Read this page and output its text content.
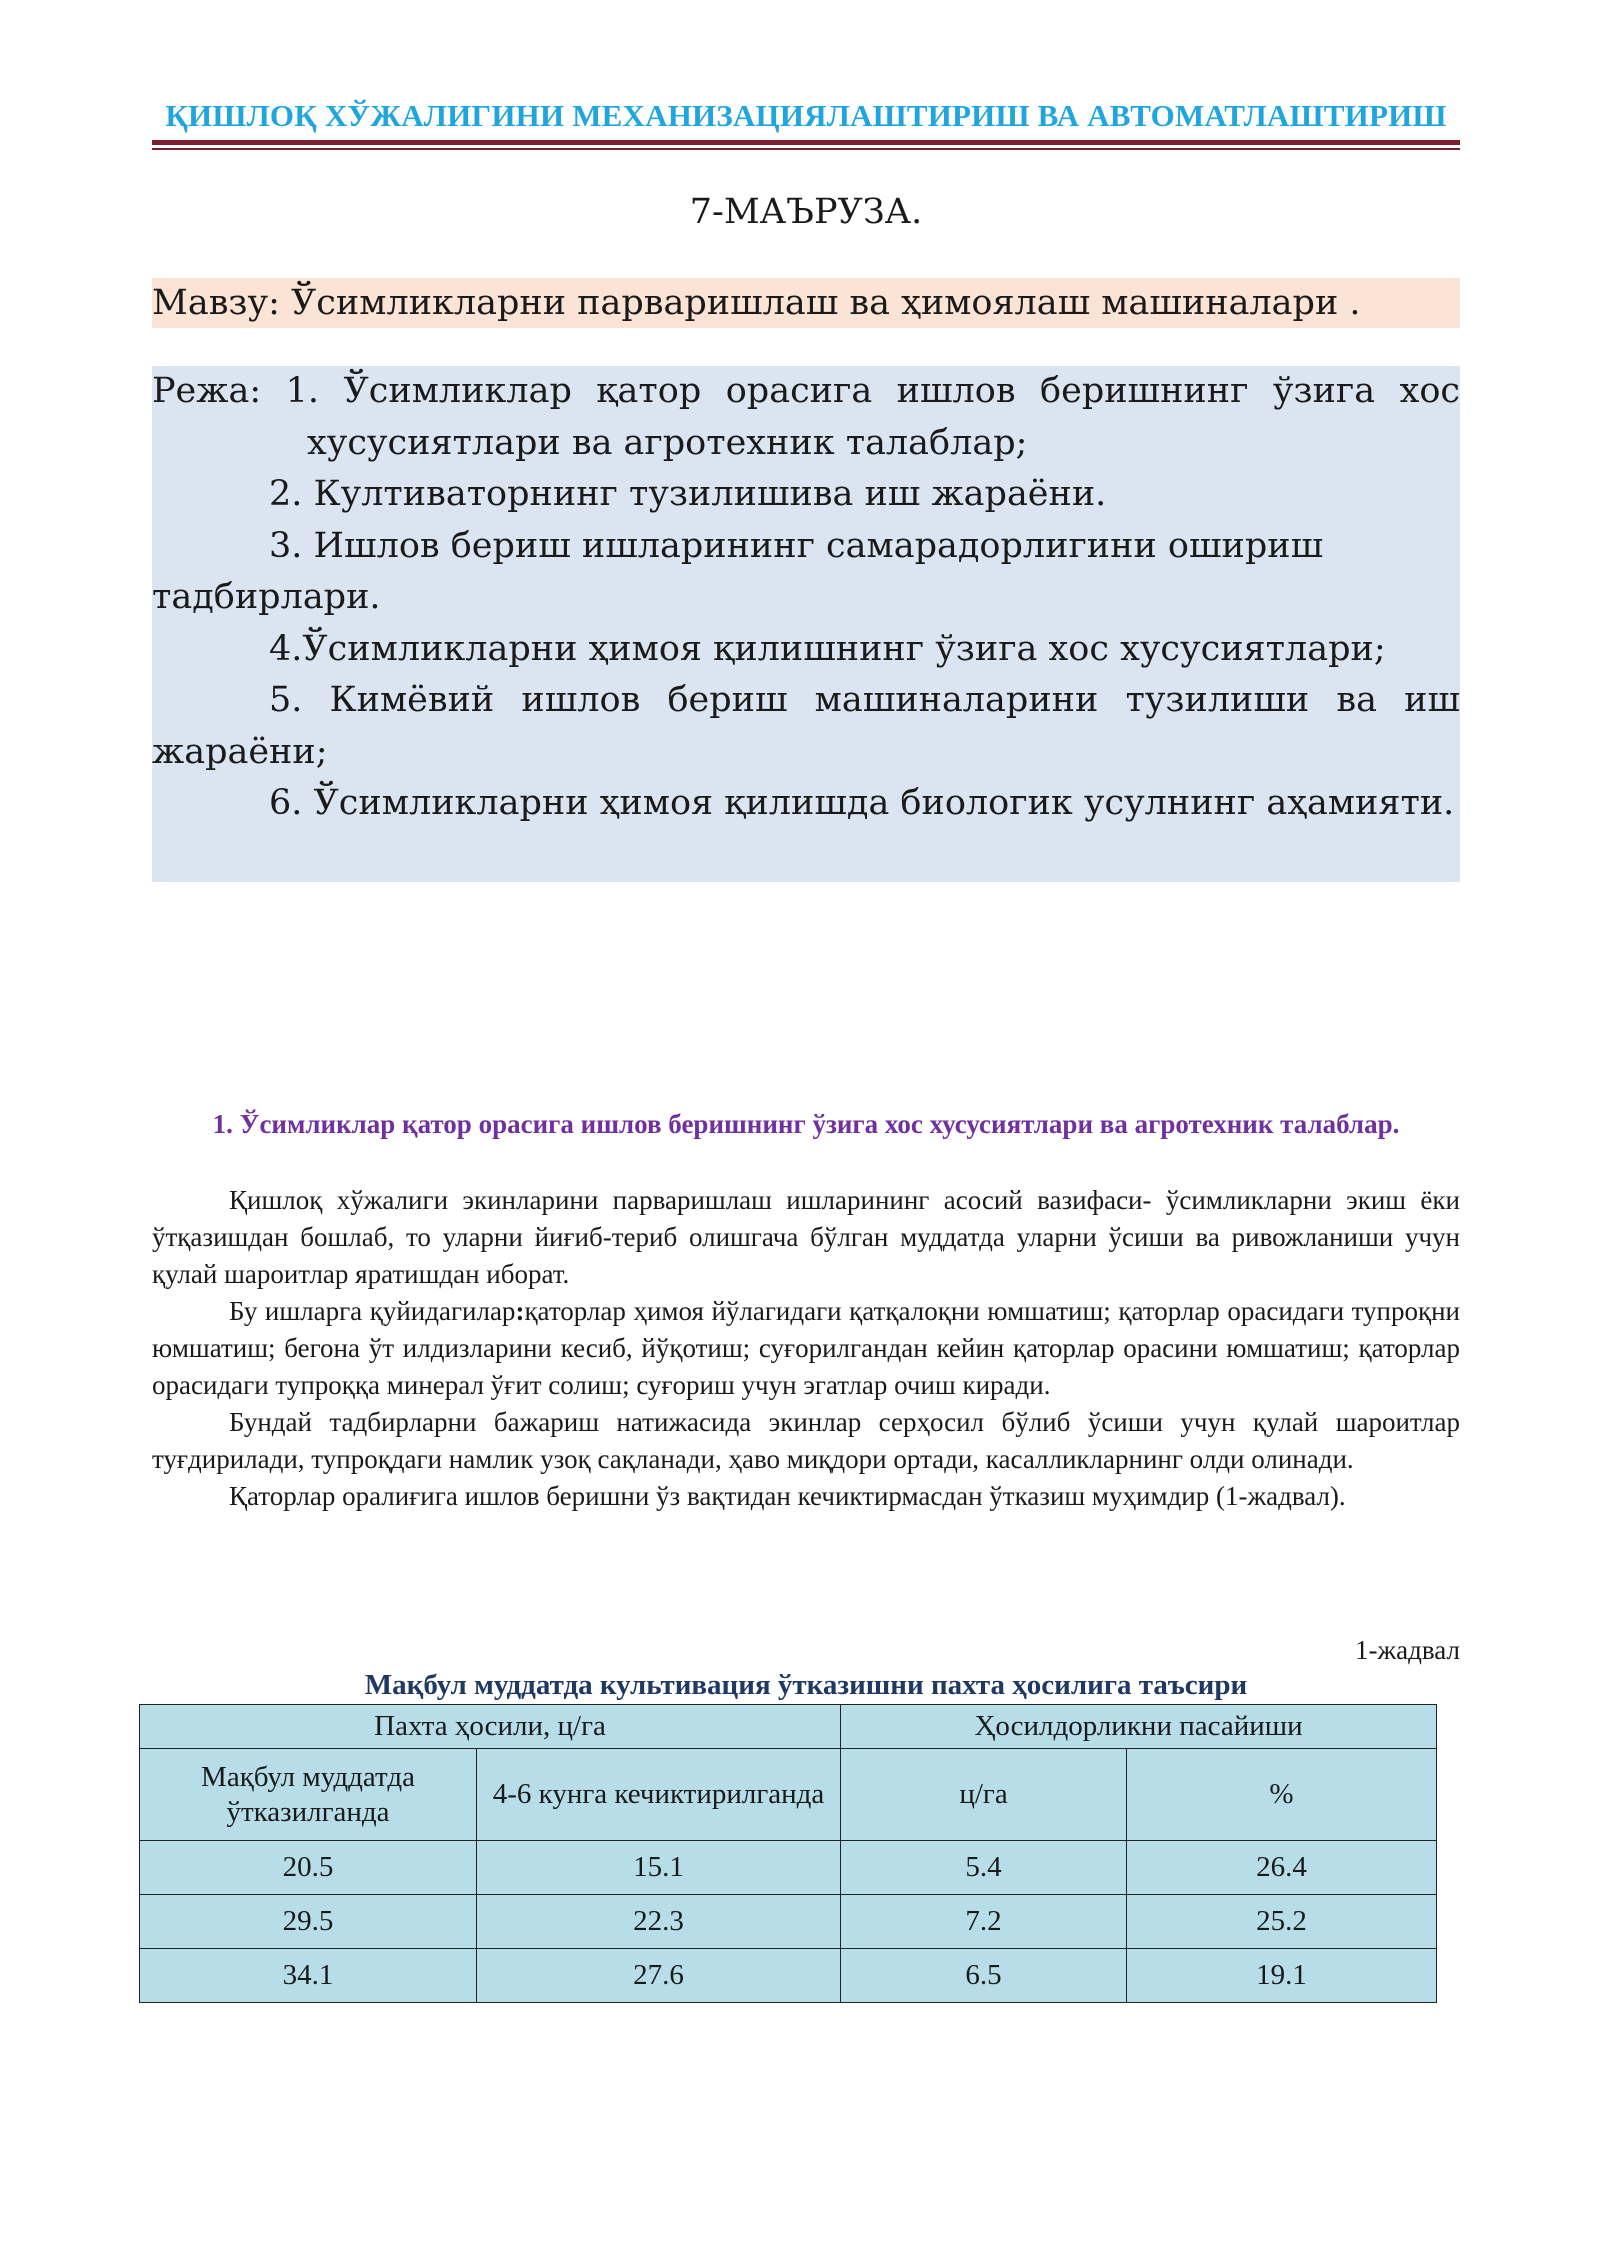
ҚИШЛОҚ ХЎЖАЛИГИНИ МЕХАНИЗАЦИЯЛАШТИРИШ ВА АВТОМАТЛАШТИРИШ
7-МАЪРУЗА.
Мавзу: Ўсимликларни парваришлаш ва ҳимоялаш машиналари .

Режа: 1. Ўсимликлар қатор орасига ишлов беришнинг ўзига хос

хусусиятлари ва агротехник талаблар;

2. Култиваторнинг тузилишива иш жараёни.

3. Ишлов бериш ишларининг самарадорлигини ошириш тадбирлари.

4.Ўсимликларни ҳимоя қилишнинг ўзига хос хусусиятлари;

5. Кимёвий ишлов бериш машиналарини тузилиши ва иш жараёни;

6. Ўсимликларни ҳимоя қилишда биологик усулнинг аҳамияти.

1. Ўсимликлар қатор орасига ишлов беришнинг ўзига хос хусусиятлари ва агротехник талаблар.

Қишлоқ хўжалиги экинларини парваришлаш ишларининг асосий вазифаси- ўсимликларни экиш ёки ўтқазишдан бошлаб, то уларни йиғиб-териб олишгача бўлган муддатда уларни ўсиши ва ривожланиши учун қулай шароитлар яратишдан иборат.

Бу ишларга қуйидагилар:қаторлар ҳимоя йўлагидаги қатқалоқни юмшатиш; қаторлар орасидаги тупроқни юмшатиш; бегона ўт илдизларини кесиб, йўқотиш; суғорилгандан кейин қаторлар орасини юмшатиш; қаторлар орасидаги тупроққа минерал ўғит солиш; суғориш учун эгатлар очиш киради.

Бундай тадбирларни бажариш натижасида экинлар серҳосил бўлиб ўсиши учун қулай шароитлар туғдирилади, тупроқдаги намлик узоқ сақланади, ҳаво миқдори ортади, касалликларнинг олди олинади.

Қаторлар оралиғига ишлов беришни ўз вақтидан кечиктирмасдан ўтказиш муҳимдир (1-жадвал).

1-жадвал
Мақбул муддатда культивация ўтказишни пахта ҳосилига таъсири
Пахта ҳосили, ц/га		Ҳосилдорликни пасайиши	
Мақбул муддатда ўтказилганда	4-6 кунга кечиктирилганда	ц/га	%
20.5	15.1	5.4	26.4
29.5	22.3	7.2	25.2
34.1	27.6	6.5	19.1
